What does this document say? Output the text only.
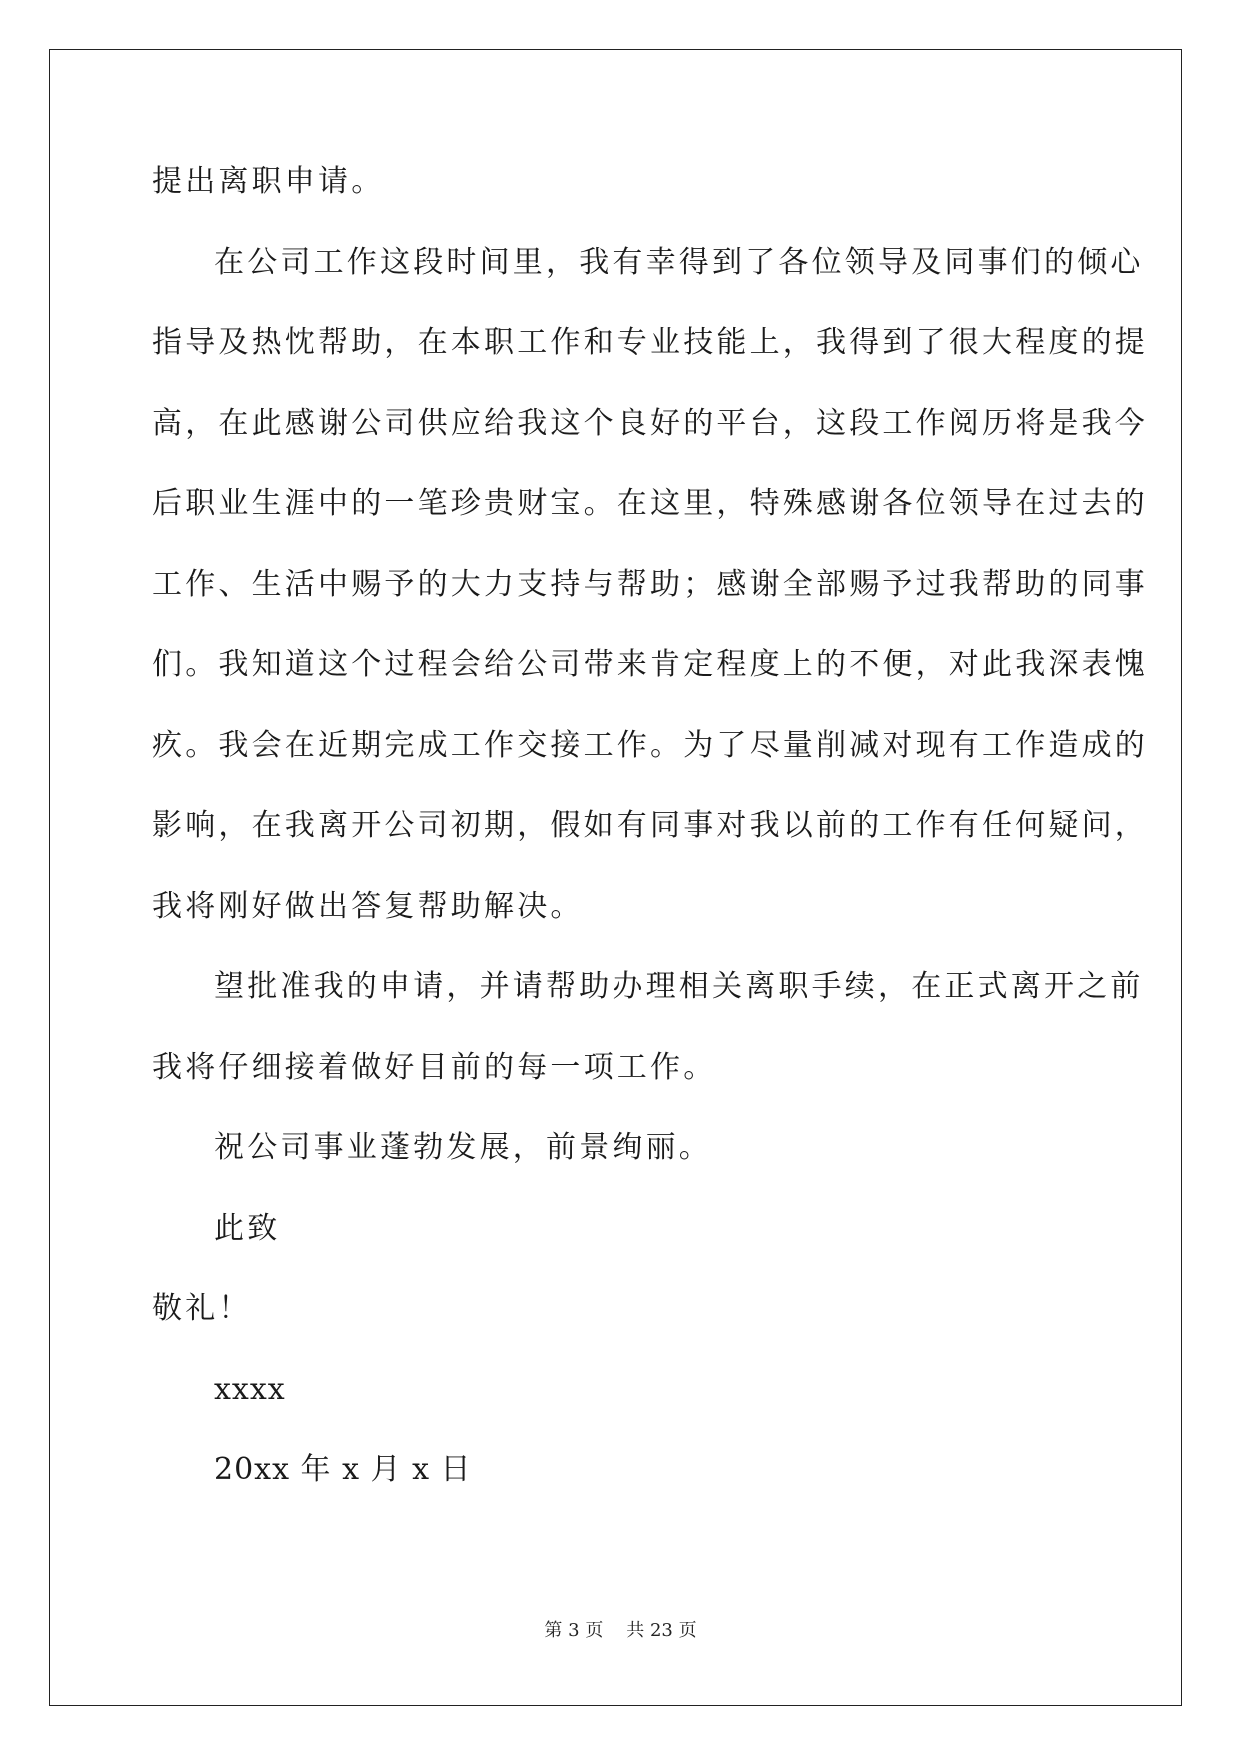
提出离职申请。
在公司工作这段时间里，我有幸得到了各位领导及同事们的倾心
指导及热忱帮助，在本职工作和专业技能上，我得到了很大程度的提
高，在此感谢公司供应给我这个良好的平台，这段工作阅历将是我今
后职业生涯中的一笔珍贵财宝。在这里，特殊感谢各位领导在过去的
工作、生活中赐予的大力支持与帮助；感谢全部赐予过我帮助的同事
们。我知道这个过程会给公司带来肯定程度上的不便，对此我深表愧
疚。我会在近期完成工作交接工作。为了尽量削减对现有工作造成的
影响，在我离开公司初期，假如有同事对我以前的工作有任何疑问，
我将刚好做出答复帮助解决。
望批准我的申请，并请帮助办理相关离职手续，在正式离开之前
我将仔细接着做好目前的每一项工作。
祝公司事业蓬勃发展，前景绚丽。
此致
敬礼！
xxxx
20xx 年 x 月 x 日
第 3 页 共 23 页
